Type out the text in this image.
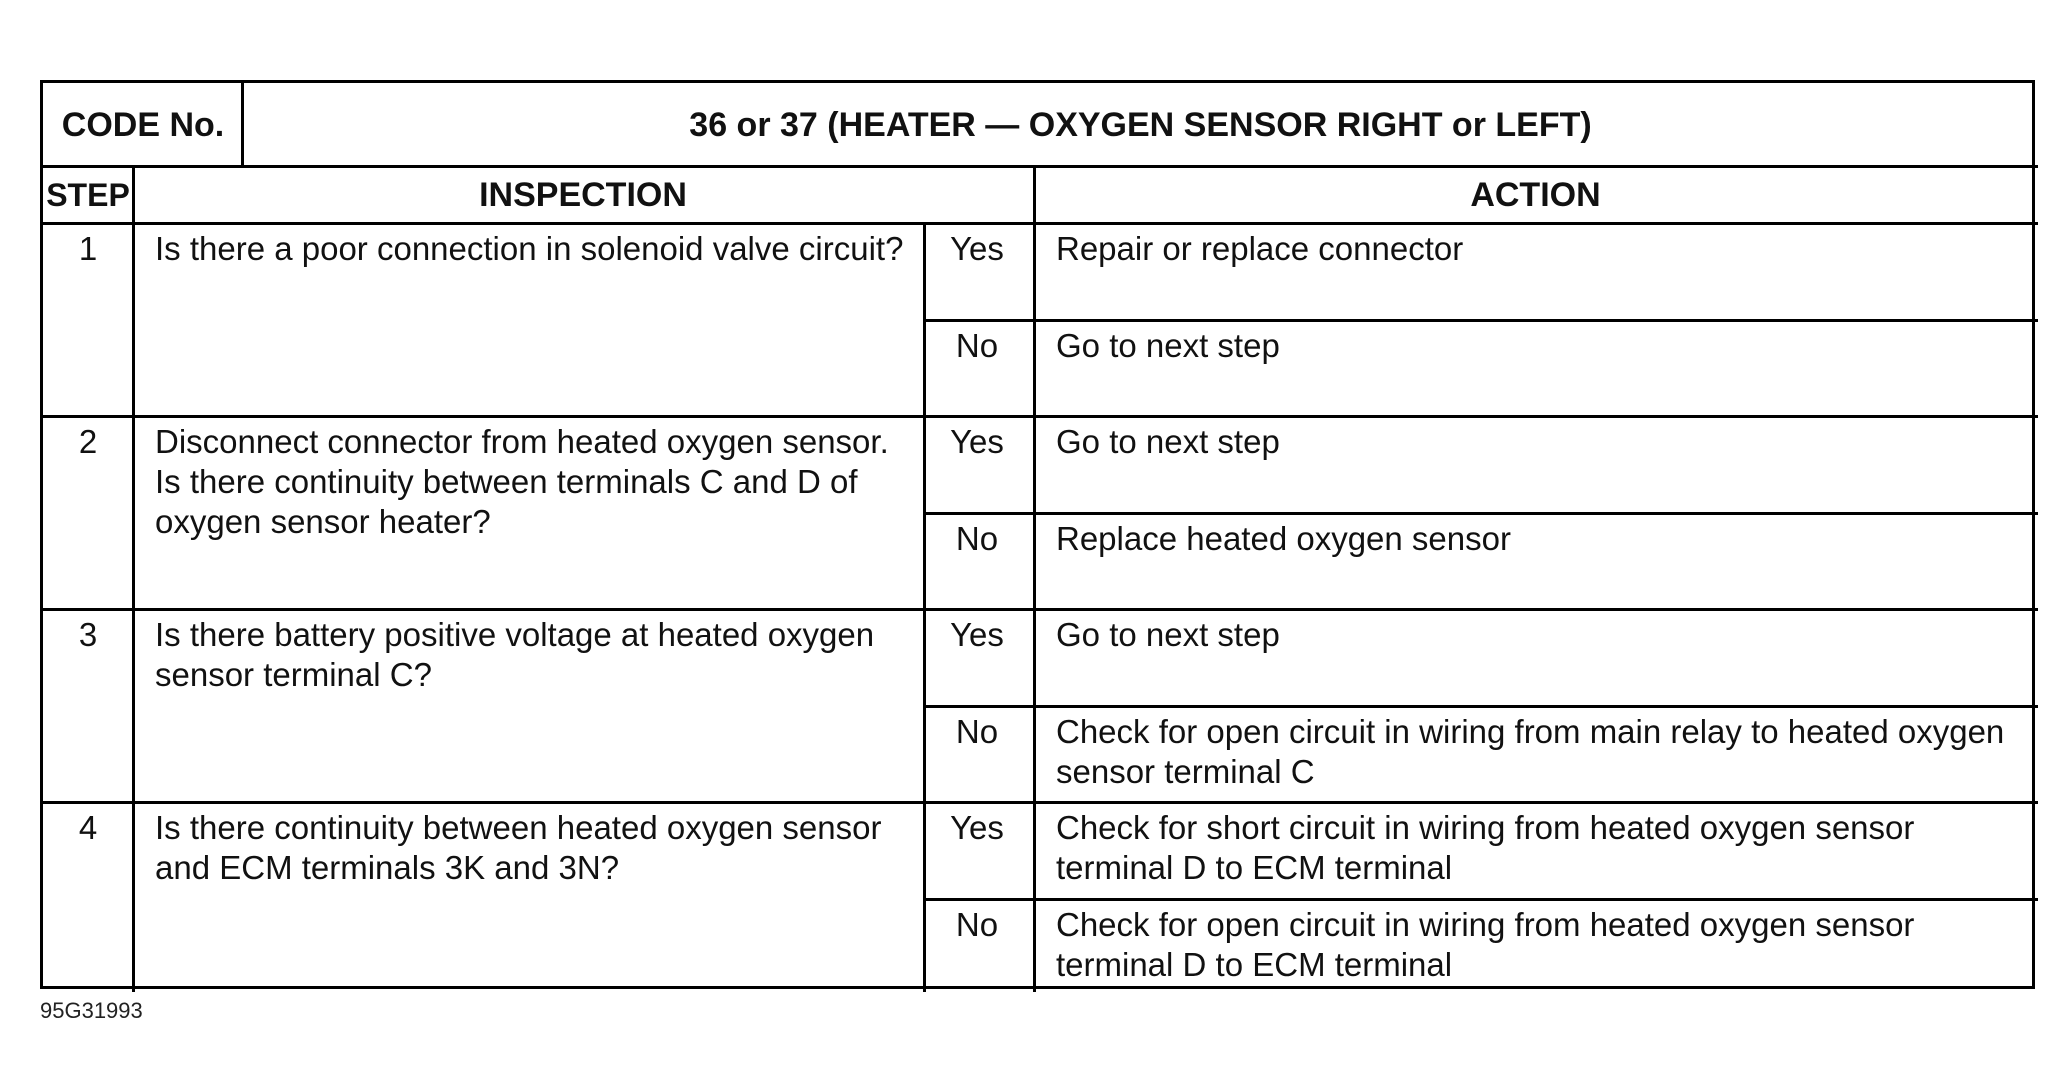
CODE No.	36 or 37 (HEATER — OXYGEN SENSOR RIGHT or LEFT)
STEP	INSPECTION	ACTION
1	Is there a poor connection in solenoid valve circuit?	Yes	Repair or replace connector
No	Go to next step
2	Disconnect connector from heated oxygen sensor. Is there continuity between terminals C and D of oxygen sensor heater?
Yes	Go to next step
No	Replace heated oxygen sensor
3	Is there battery positive voltage at heated oxygen sensor terminal C?
Yes	Go to next step
No	Check for open circuit in wiring from main relay to heated oxygen sensor terminal C
4	Is there continuity between heated oxygen sensor and ECM terminals 3K and 3N?
Yes	Check for short circuit in wiring from heated oxygen sensor terminal D to ECM terminal
No	Check for open circuit in wiring from heated oxygen sensor terminal D to ECM terminal
95G31993
